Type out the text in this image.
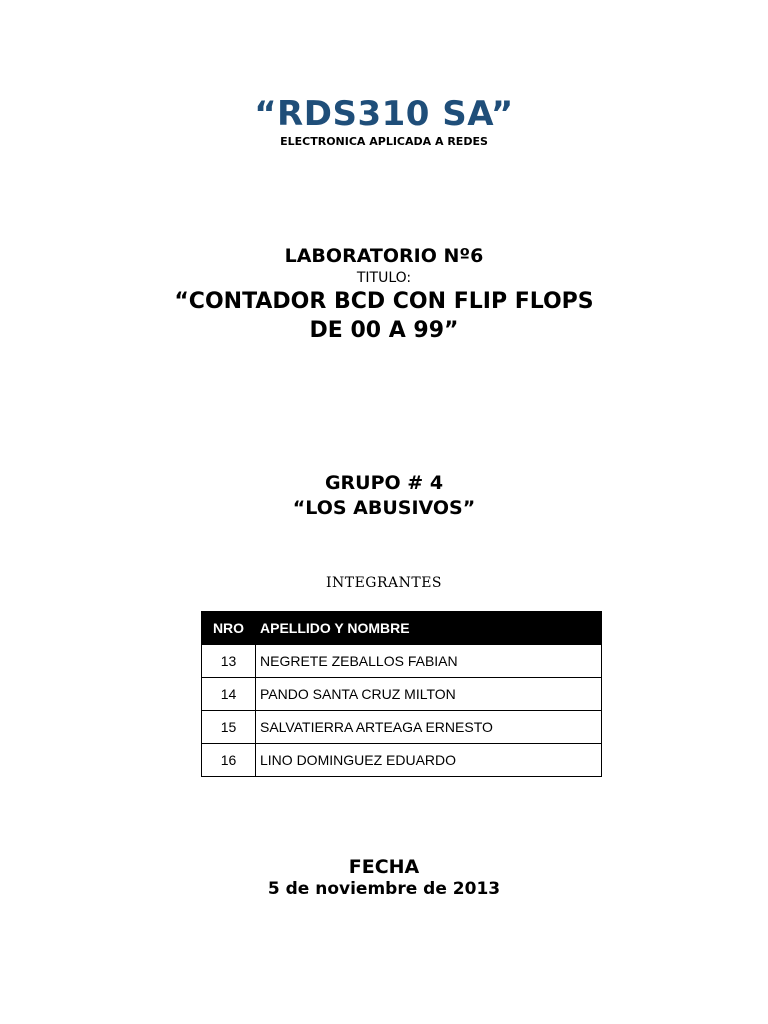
“RDS310 SA”
ELECTRONICA APLICADA A REDES
LABORATORIO Nº6
TITULO:
“CONTADOR BCD CON FLIP FLOPS
DE 00 A 99”
GRUPO # 4
“LOS ABUSIVOS”
INTEGRANTES
NRO	APELLIDO Y NOMBRE
13	NEGRETE ZEBALLOS FABIAN
14	PANDO SANTA CRUZ MILTON
15	SALVATIERRA ARTEAGA ERNESTO
16	LINO DOMINGUEZ EDUARDO
FECHA
5 de noviembre de 2013
